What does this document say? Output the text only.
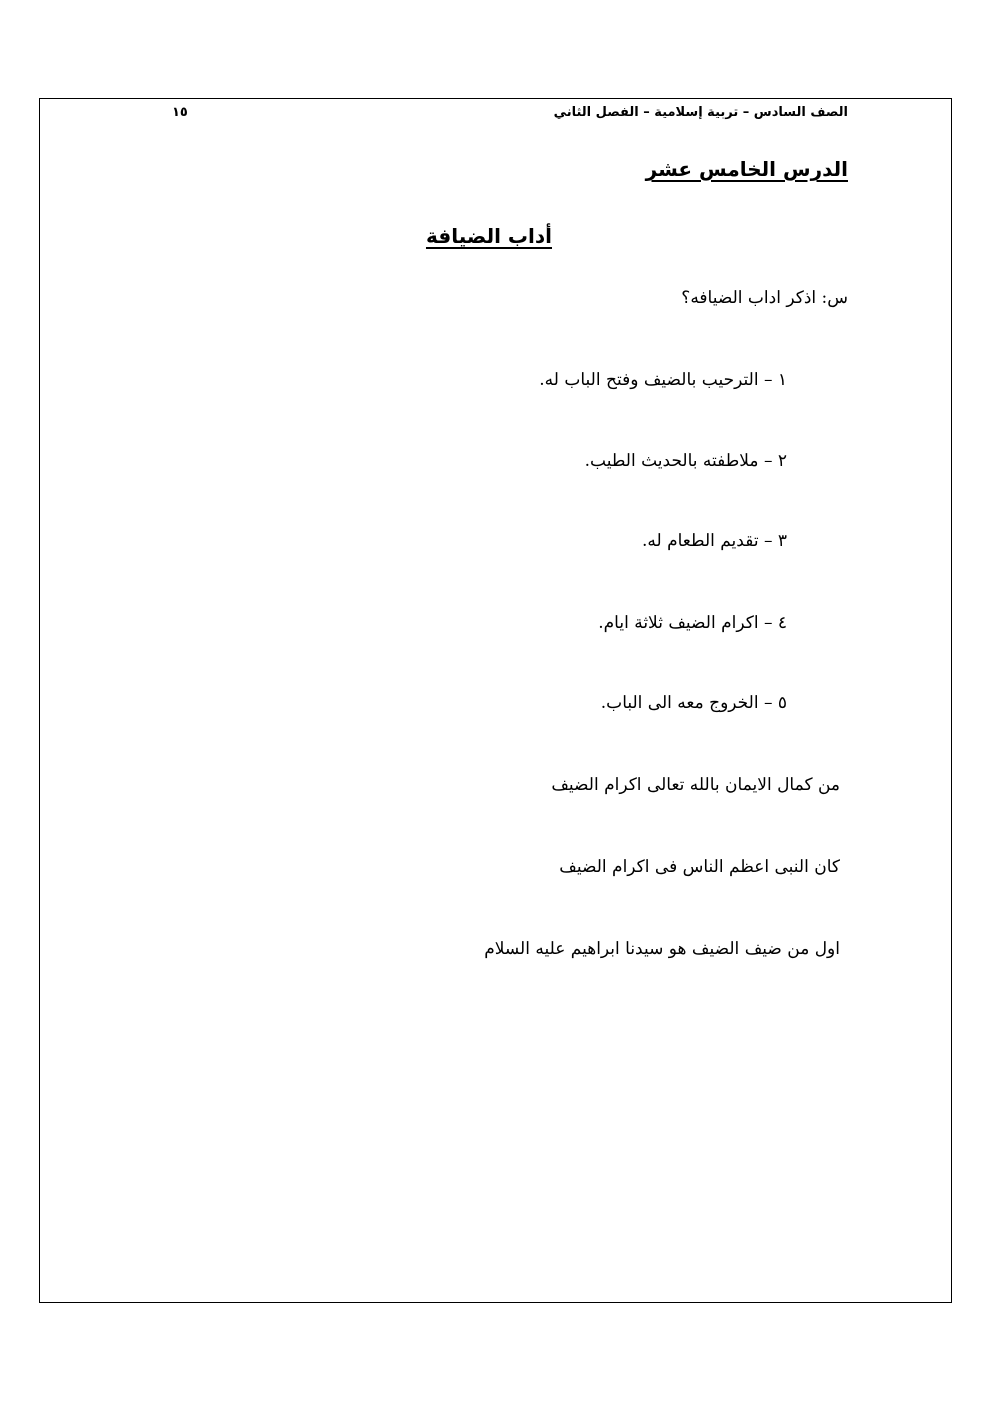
الصف السادس – تربية إسلامية – الفصل الثاني
١٥
الدرس الخامس عشر
أداب الضيافة
س: اذكر اداب الضيافه؟
١ – الترحيب بالضيف وفتح الباب له.
٢ – ملاطفته بالحديث الطيب.
٣ – تقديم الطعام له.
٤ – اكرام الضيف ثلاثة ايام.
٥ – الخروج معه الى الباب.
من كمال الايمان بالله تعالى اكرام الضيف
كان النبى اعظم الناس فى اكرام الضيف
اول من ضيف الضيف هو سيدنا ابراهيم عليه السلام
